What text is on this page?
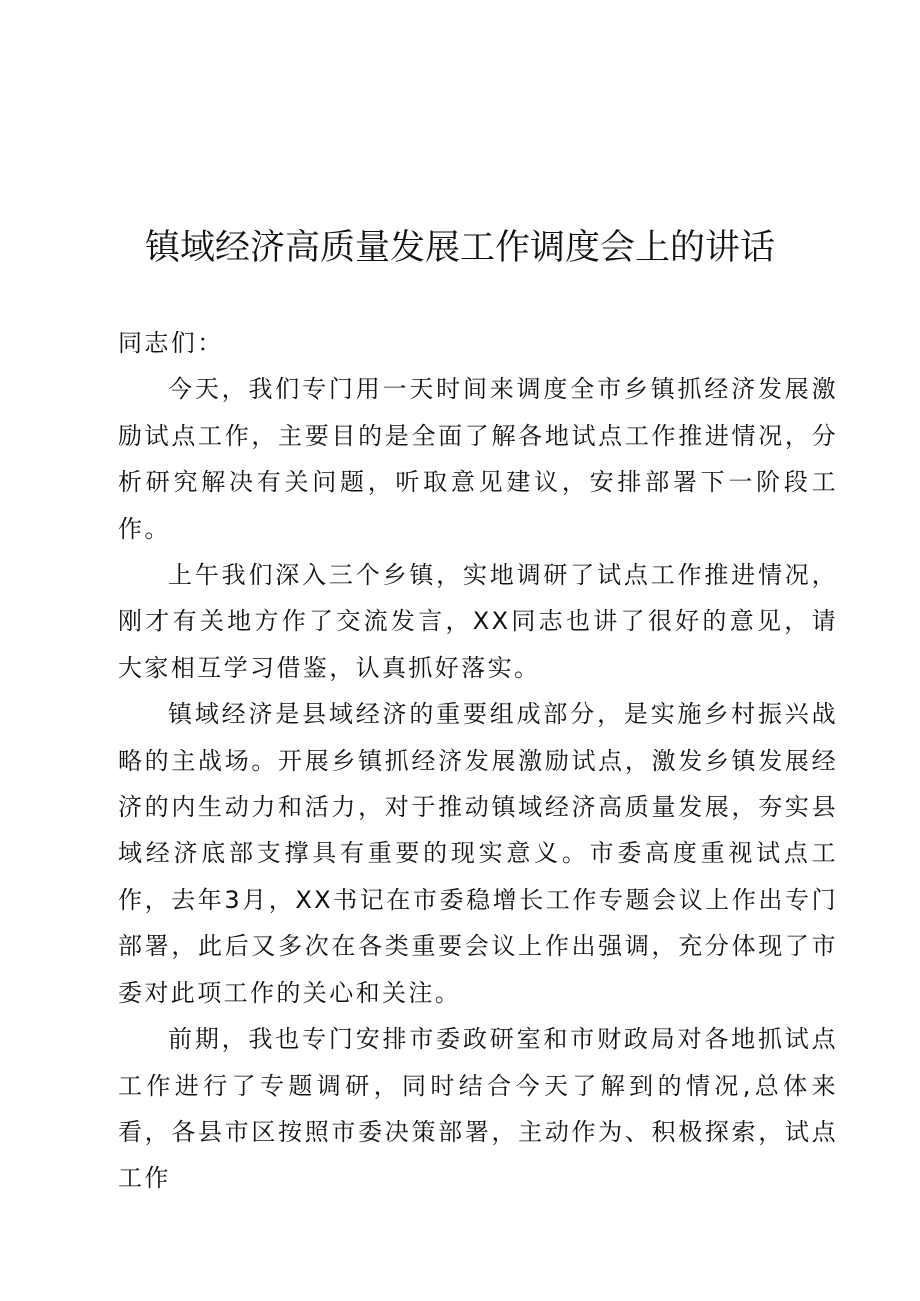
镇域经济高质量发展工作调度会上的讲话

同志们：

今天，我们专门用一天时间来调度全市乡镇抓经济发展激励试点工作，主要目的是全面了解各地试点工作推进情况，分析研究解决有关问题，听取意见建议，安排部署下一阶段工作。

上午我们深入三个乡镇，实地调研了试点工作推进情况，刚才有关地方作了交流发言，XX同志也讲了很好的意见，请大家相互学习借鉴，认真抓好落实。

镇域经济是县域经济的重要组成部分，是实施乡村振兴战略的主战场。开展乡镇抓经济发展激励试点，激发乡镇发展经济的内生动力和活力，对于推动镇域经济高质量发展，夯实县域经济底部支撑具有重要的现实意义。市委高度重视试点工作，去年3月，XX书记在市委稳增长工作专题会议上作出专门部署，此后又多次在各类重要会议上作出强调，充分体现了市委对此项工作的关心和关注。

前期，我也专门安排市委政研室和市财政局对各地抓试点工作进行了专题调研，同时结合今天了解到的情况,总体来看，各县市区按照市委决策部署，主动作为、积极探索，试点工作
